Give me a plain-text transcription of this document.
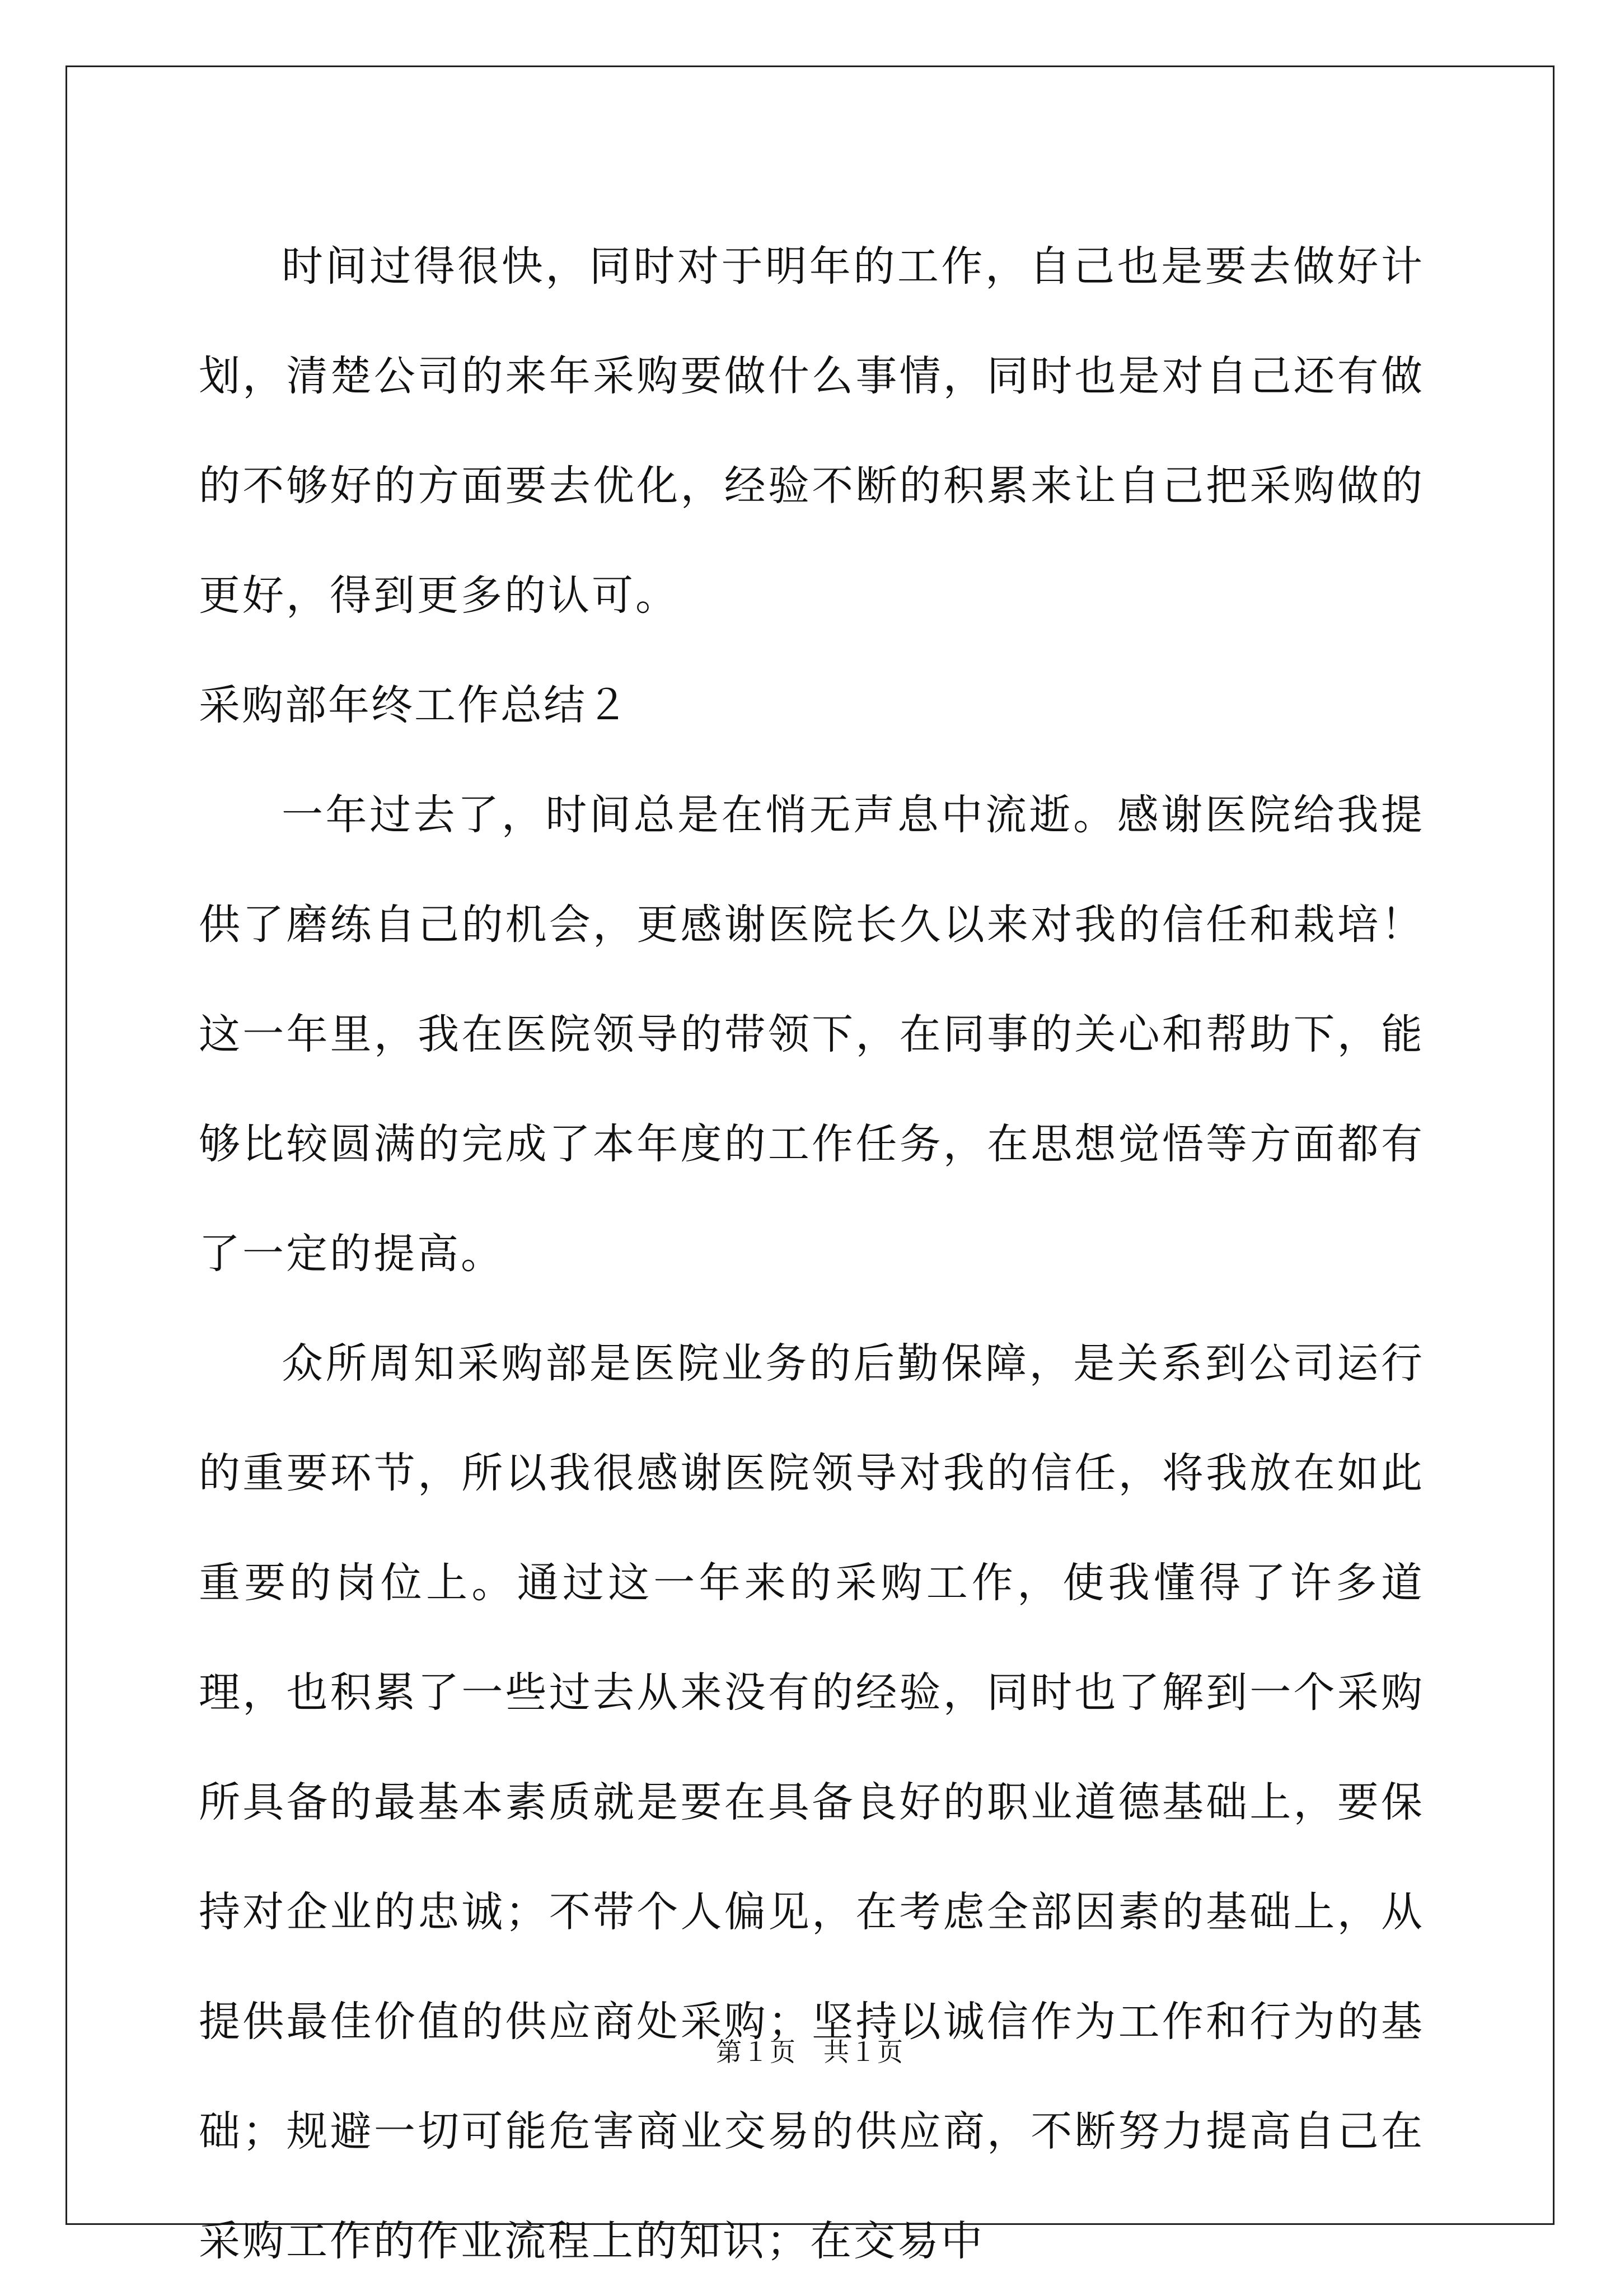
时间过得很快，同时对于明年的工作，自己也是要去做好计划，清楚公司的来年采购要做什么事情，同时也是对自己还有做的不够好的方面要去优化，经验不断的积累来让自己把采购做的更好，得到更多的认可。

采购部年终工作总结２

一年过去了，时间总是在悄无声息中流逝。感谢医院给我提供了磨练自己的机会，更感谢医院长久以来对我的信任和栽培！这一年里，我在医院领导的带领下，在同事的关心和帮助下，能够比较圆满的完成了本年度的工作任务，在思想觉悟等方面都有了一定的提高。

众所周知采购部是医院业务的后勤保障，是关系到公司运行的重要环节，所以我很感谢医院领导对我的信任，将我放在如此重要的岗位上。通过这一年来的采购工作，使我懂得了许多道理，也积累了一些过去从来没有的经验，同时也了解到一个采购所具备的最基本素质就是要在具备良好的职业道德基础上，要保持对企业的忠诚；不带个人偏见，在考虑全部因素的基础上，从提供最佳价值的供应商处采购；坚持以诚信作为工作和行为的基础；规避一切可能危害商业交易的供应商，不断努力提高自己在采购工作的作业流程上的知识；在交易中

第１页　共１页
